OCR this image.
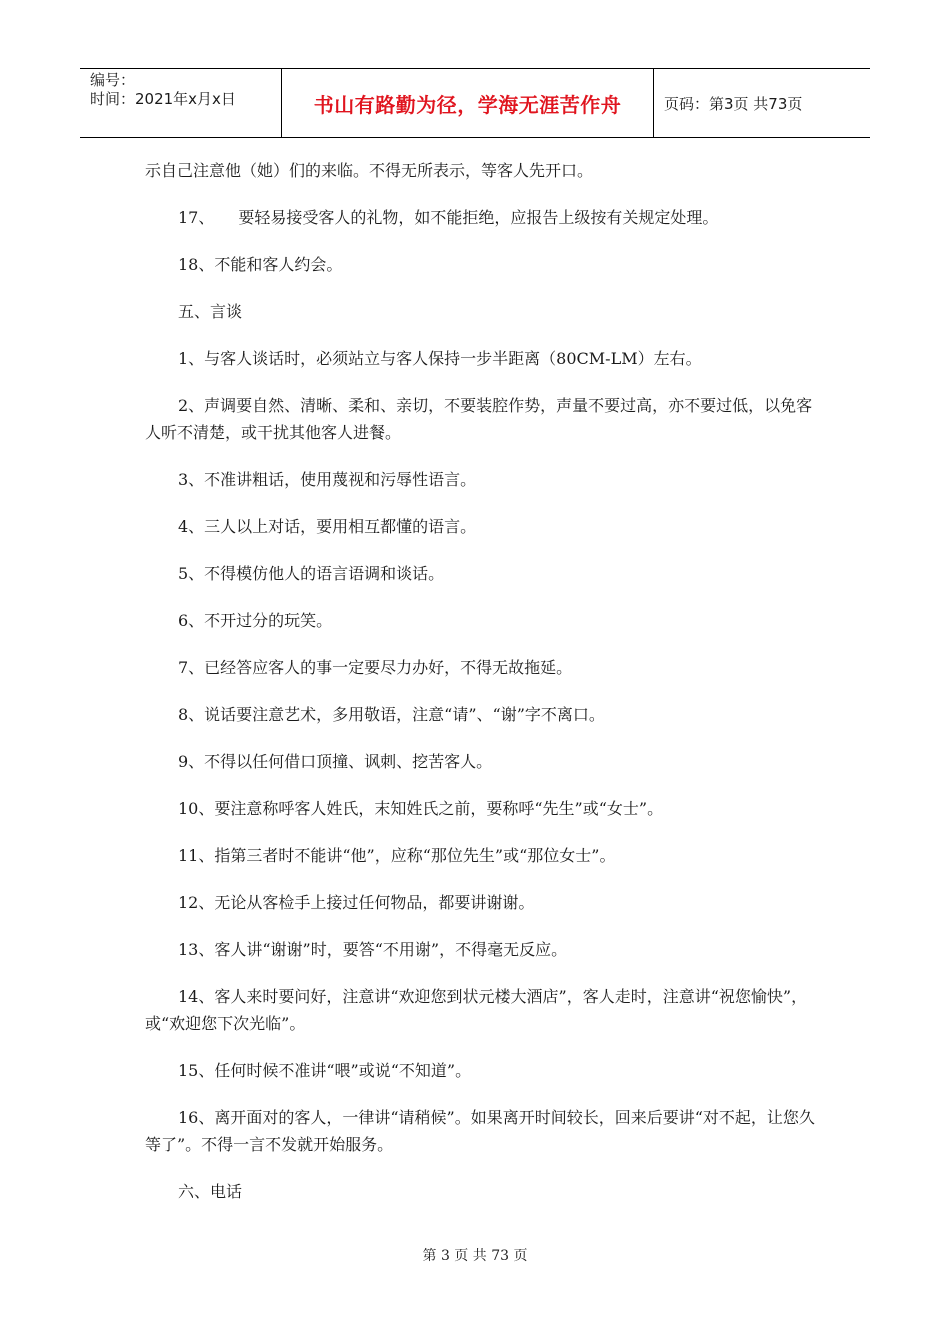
编号：
时间：2021年x月x日	书山有路勤为径，学海无涯苦作舟	页码：第3页 共73页

示自己注意他（她）们的来临。不得无所表示，等客人先开口。

17、　　要轻易接受客人的礼物，如不能拒绝，应报告上级按有关规定处理。

18、不能和客人约会。

五、言谈

1、与客人谈话时，必须站立与客人保持一步半距离（80CM-LM）左右。

2、声调要自然、清晰、柔和、亲切，不要装腔作势，声量不要过高，亦不要过低，以免客人听不清楚，或干扰其他客人进餐。

3、不准讲粗话，使用蔑视和污辱性语言。

4、三人以上对话，要用相互都懂的语言。

5、不得模仿他人的语言语调和谈话。

6、不开过分的玩笑。

7、已经答应客人的事一定要尽力办好，不得无故拖延。

8、说话要注意艺术，多用敬语，注意“请”、“谢”字不离口。

9、不得以任何借口顶撞、讽刺、挖苦客人。

10、要注意称呼客人姓氏，末知姓氏之前，要称呼“先生”或“女士”。

11、指第三者时不能讲“他”，应称“那位先生”或“那位女士”。

12、无论从客检手上接过任何物品，都要讲谢谢。

13、客人讲“谢谢”时，要答“不用谢”，不得毫无反应。

14、客人来时要问好，注意讲“欢迎您到状元楼大酒店”，客人走时，注意讲“祝您愉快”，或“欢迎您下次光临”。

15、任何时候不准讲“喂”或说“不知道”。

16、离开面对的客人，一律讲“请稍候”。如果离开时间较长，回来后要讲“对不起，让您久等了”。不得一言不发就开始服务。

六、电话

第 3 页 共 73 页
